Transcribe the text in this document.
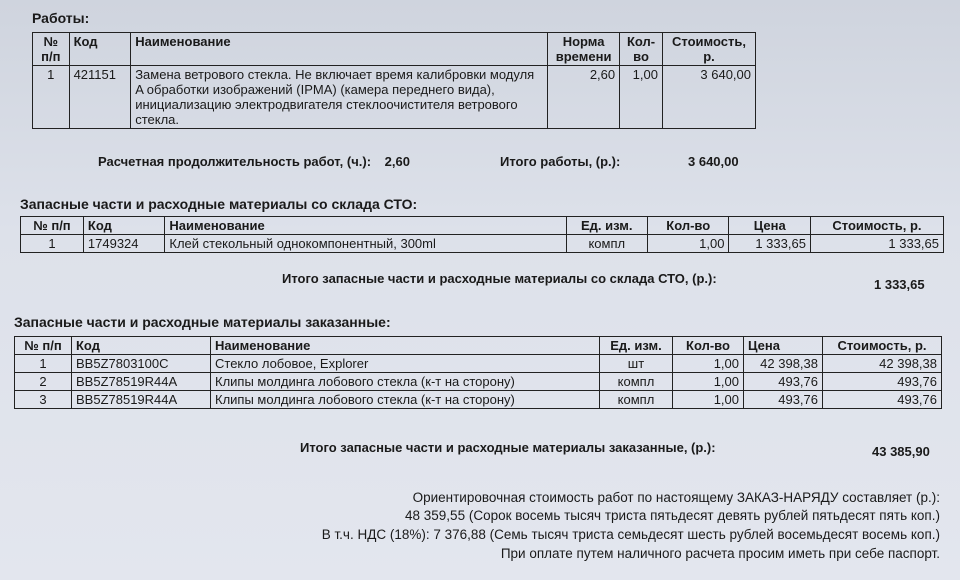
Работы:

№ п/п	Код	Наименование	Норма времени	Кол-во	Стоимость, р.
1	421151	Замена ветрового стекла. Не включает время калибровки модуля A обработки изображений (IPMA) (камера переднего вида), инициализацию электродвигателя стеклоочистителя ветрового стекла.	2,60	1,00	3 640,00
Расчетная продолжительность работ, (ч.): 2,60	Итого работы, (р.):	3 640,00

Запасные части и расходные материалы со склада СТО:

№ п/п	Код	Наименование	Ед. изм.	Кол-во	Цена	Стоимость, р.
1	1749324	Клей стекольный однокомпонентный, 300ml	компл	1,00	1 333,65	1 333,65
Итого запасные части и расходные материалы со склада СТО, (р.):	1 333,65

Запасные части и расходные материалы заказанные:

№ п/п	Код	Наименование	Ед. изм.	Кол-во	Цена	Стоимость, р.
1	BB5Z7803100C	Стекло лобовое, Explorer	шт	1,00	42 398,38	42 398,38
2	BB5Z78519R44A	Клипы молдинга лобового стекла (к-т на сторону)	компл	1,00	493,76	493,76
3	BB5Z78519R44A	Клипы молдинга лобового стекла (к-т на сторону)	компл	1,00	493,76	493,76
Итого запасные части и расходные материалы заказанные, (р.):	43 385,90
Ориентировочная стоимость работ по настоящему ЗАКАЗ-НАРЯДУ составляет (р.):
48 359,55 (Сорок восемь тысяч триста пятьдесят девять рублей пятьдесят пять коп.)
В т.ч. НДС (18%): 7 376,88 (Семь тысяч триста семьдесят шесть рублей восемьдесят восемь коп.)
При оплате путем наличного расчета просим иметь при себе паспорт.
